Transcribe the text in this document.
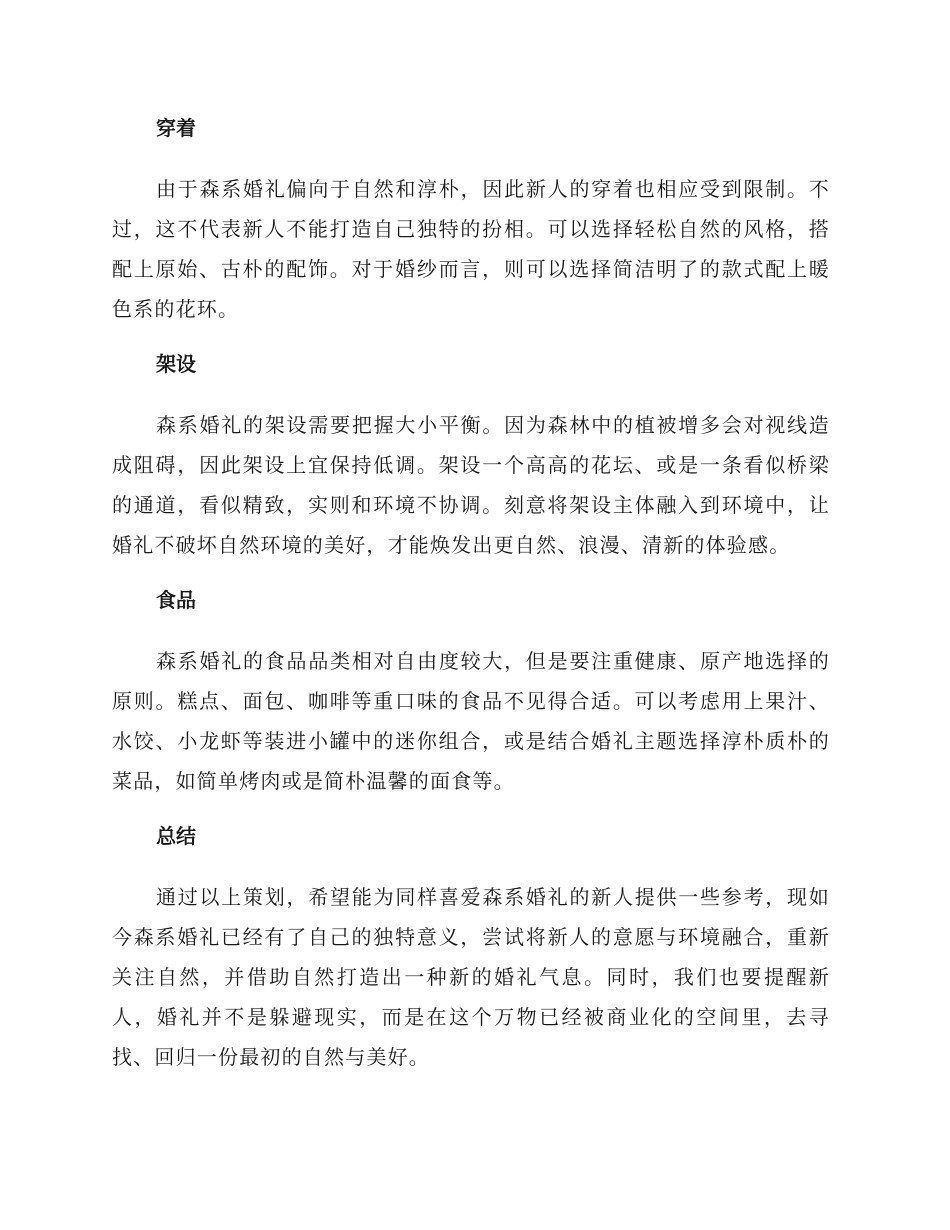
穿着

由于森系婚礼偏向于自然和淳朴，因此新人的穿着也相应受到限制。不过，这不代表新人不能打造自己独特的扮相。可以选择轻松自然的风格，搭配上原始、古朴的配饰。对于婚纱而言，则可以选择简洁明了的款式配上暖色系的花环。

架设

森系婚礼的架设需要把握大小平衡。因为森林中的植被增多会对视线造成阻碍，因此架设上宜保持低调。架设一个高高的花坛、或是一条看似桥梁的通道，看似精致，实则和环境不协调。刻意将架设主体融入到环境中，让婚礼不破坏自然环境的美好，才能焕发出更自然、浪漫、清新的体验感。

食品

森系婚礼的食品品类相对自由度较大，但是要注重健康、原产地选择的原则。糕点、面包、咖啡等重口味的食品不见得合适。可以考虑用上果汁、水饺、小龙虾等装进小罐中的迷你组合，或是结合婚礼主题选择淳朴质朴的菜品，如简单烤肉或是简朴温馨的面食等。

总结

通过以上策划，希望能为同样喜爱森系婚礼的新人提供一些参考，现如今森系婚礼已经有了自己的独特意义，尝试将新人的意愿与环境融合，重新关注自然，并借助自然打造出一种新的婚礼气息。同时，我们也要提醒新人，婚礼并不是躲避现实，而是在这个万物已经被商业化的空间里，去寻找、回归一份最初的自然与美好。
